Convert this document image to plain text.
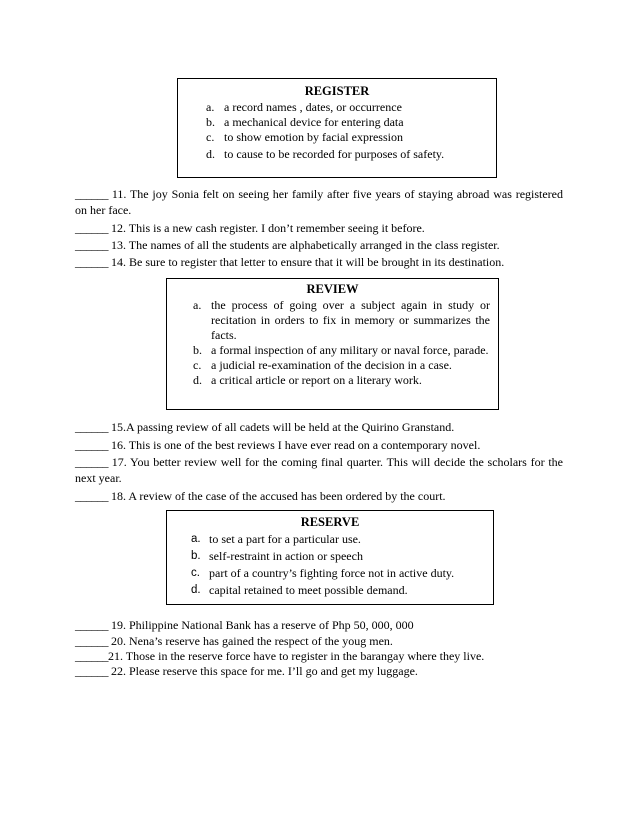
REGISTER
a. a record names , dates, or occurrence
b. a mechanical device for entering data
c. to show emotion by facial expression
d. to cause to be recorded for purposes of safety.
______ 11. The joy Sonia felt on seeing her family after five years of staying abroad was registered on her face.
______ 12. This is a new cash register. I don’t remember seeing it before.
______ 13. The names of all the students are alphabetically arranged in the class register.
______ 14. Be sure to register that letter to ensure that it will be brought in its destination.
REVIEW
a. the process of going over a subject again in study or recitation in orders to fix in memory or summarizes the facts.
b. a formal inspection of any military or naval force, parade.
c. a judicial re-examination of the decision in a case.
d. a critical article or report on a literary work.
______ 15.A passing review of all cadets will be held at the Quirino Granstand.
______ 16. This is one of the best reviews I have ever read on a contemporary novel.
______ 17. You better review well for the coming final quarter. This will decide the scholars for the next year.
______ 18. A review of the case of the accused has been ordered by the court.
RESERVE
a. to set a part for a particular use.
b. self-restraint in action or speech
c. part of a country’s fighting force not in active duty.
d. capital retained to meet possible demand.
______ 19. Philippine National Bank has a reserve of Php 50, 000, 000
______ 20. Nena’s reserve has gained the respect of the youg men.
______21. Those in the reserve force have to register in the barangay where they live.
______ 22. Please reserve this space for me. I’ll go and get my luggage.
